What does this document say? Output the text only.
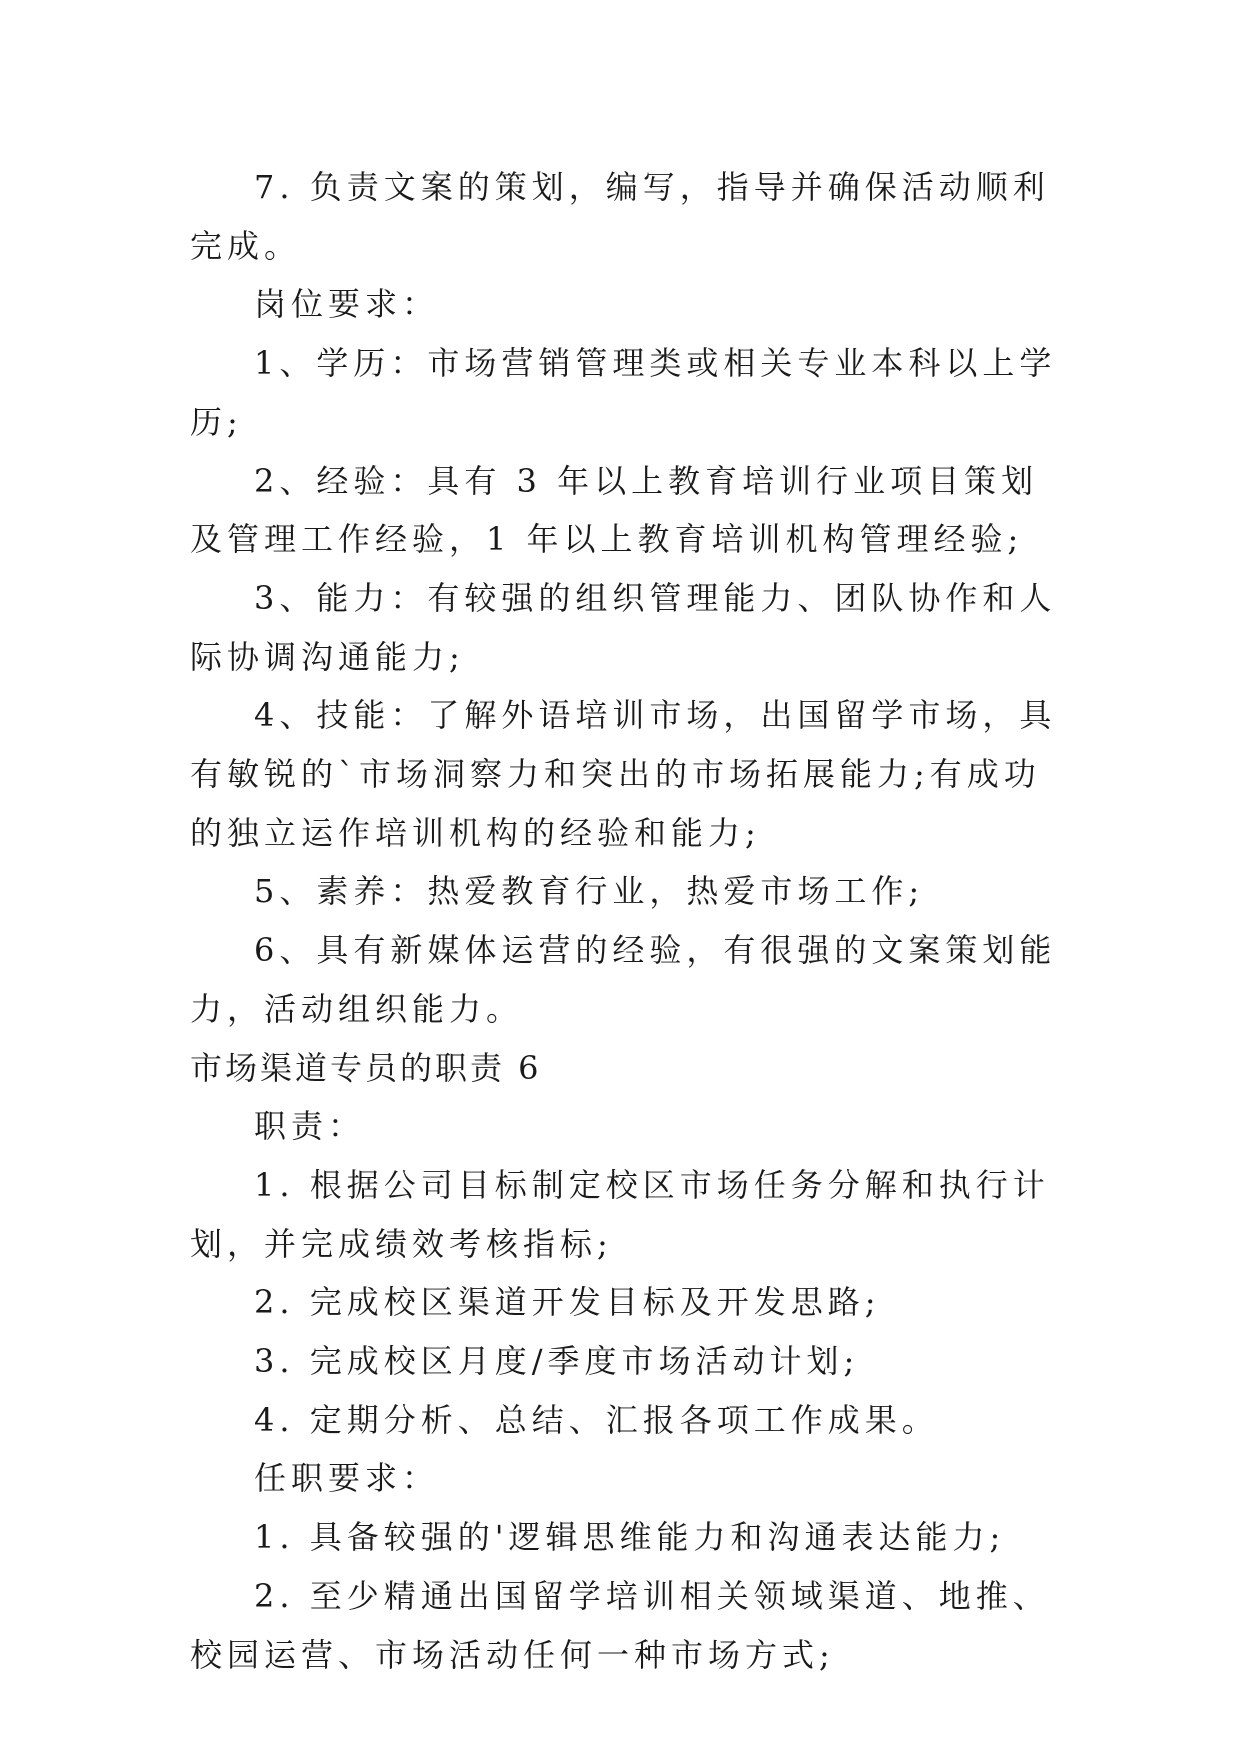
7. 负责文案的策划，编写，指导并确保活动顺利完成。

岗位要求：

1、学历：市场营销管理类或相关专业本科以上学历;

2、经验：具有 3 年以上教育培训行业项目策划及管理工作经验，1 年以上教育培训机构管理经验;

3、能力：有较强的组织管理能力、团队协作和人际协调沟通能力;

4、技能：了解外语培训市场，出国留学市场，具有敏锐的`市场洞察力和突出的市场拓展能力;有成功的独立运作培训机构的经验和能力;

5、素养：热爱教育行业，热爱市场工作;

6、具有新媒体运营的经验，有很强的文案策划能力，活动组织能力。

市场渠道专员的职责 6

职责：

1. 根据公司目标制定校区市场任务分解和执行计划，并完成绩效考核指标;

2. 完成校区渠道开发目标及开发思路;

3. 完成校区月度/季度市场活动计划;

4. 定期分析、总结、汇报各项工作成果。

任职要求：

1. 具备较强的'逻辑思维能力和沟通表达能力;

2. 至少精通出国留学培训相关领域渠道、地推、校园运营、市场活动任何一种市场方式;
